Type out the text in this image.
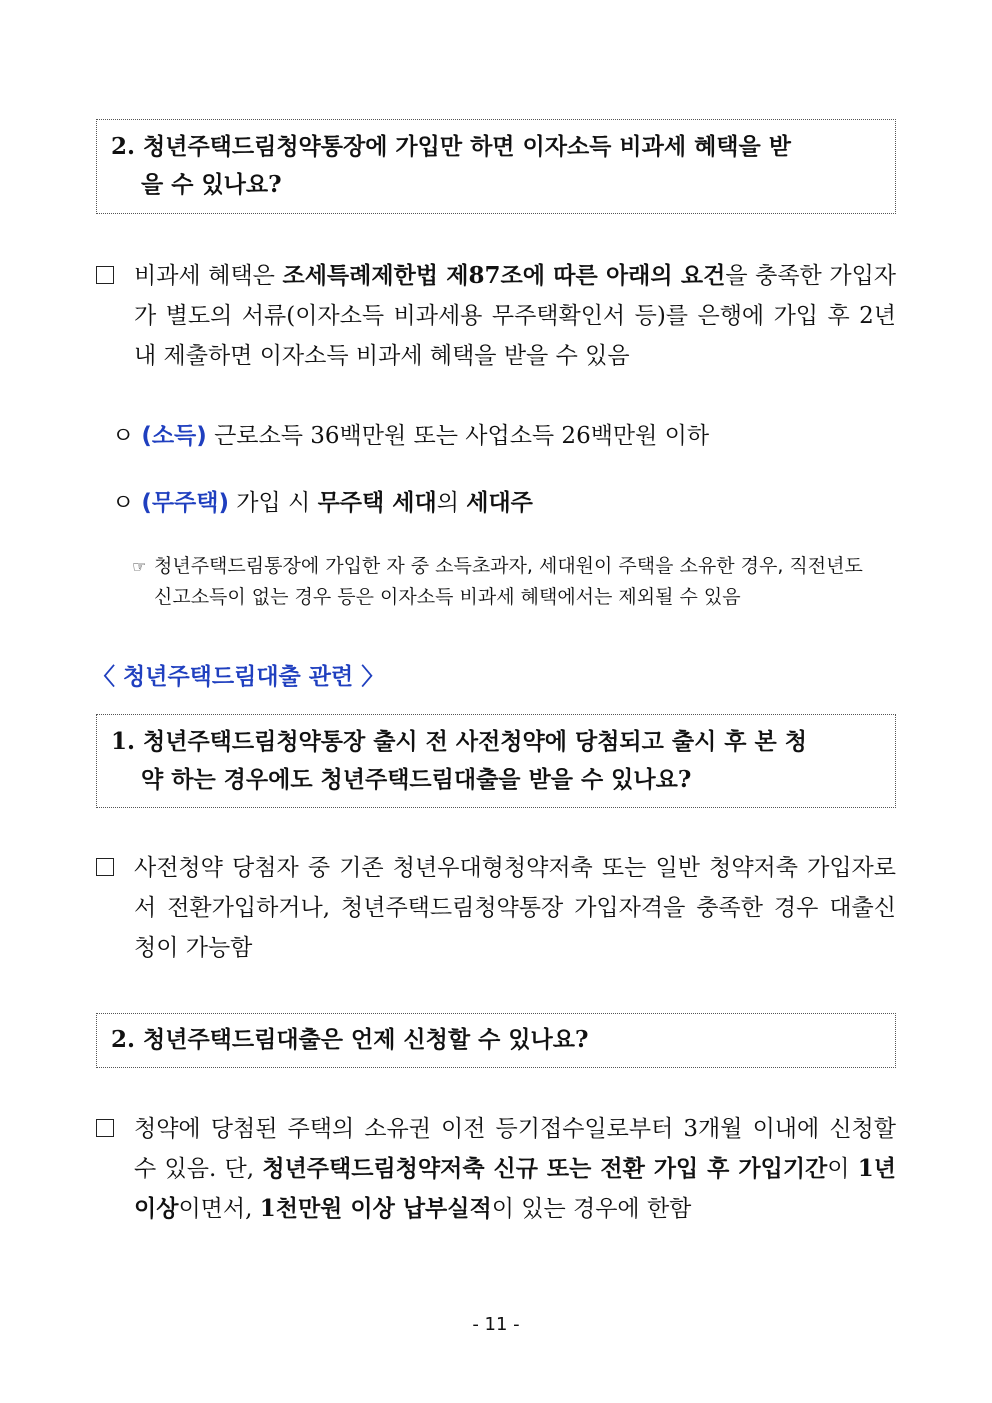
2. 청년주택드림청약통장에 가입만 하면 이자소득 비과세 혜택을 받
을 수 있나요?
비과세 혜택은 조세특례제한법 제87조에 따른 아래의 요건을 충족한 가입자가 별도의 서류(이자소득 비과세용 무주택확인서 등)를 은행에 가입 후 2년 내 제출하면 이자소득 비과세 혜택을 받을 수 있음
ㅇ (소득) 근로소득 36백만원 또는 사업소득 26백만원 이하
ㅇ (무주택) 가입 시 무주택 세대의 세대주
☞ 청년주택드림통장에 가입한 자 중 소득초과자, 세대원이 주택을 소유한 경우, 직전년도
신고소득이 없는 경우 등은 이자소득 비과세 혜택에서는 제외될 수 있음
〈 청년주택드림대출 관련 〉
1. 청년주택드림청약통장 출시 전 사전청약에 당첨되고 출시 후 본 청
약 하는 경우에도 청년주택드림대출을 받을 수 있나요?
사전청약 당첨자 중 기존 청년우대형청약저축 또는 일반 청약저축 가입자로서 전환가입하거나, 청년주택드림청약통장 가입자격을 충족한 경우 대출신청이 가능함
2. 청년주택드림대출은 언제 신청할 수 있나요?
청약에 당첨된 주택의 소유권 이전 등기접수일로부터 3개월 이내에 신청할 수 있음. 단, 청년주택드림청약저축 신규 또는 전환 가입 후 가입기간이 1년 이상이면서, 1천만원 이상 납부실적이 있는 경우에 한함
- 11 -
